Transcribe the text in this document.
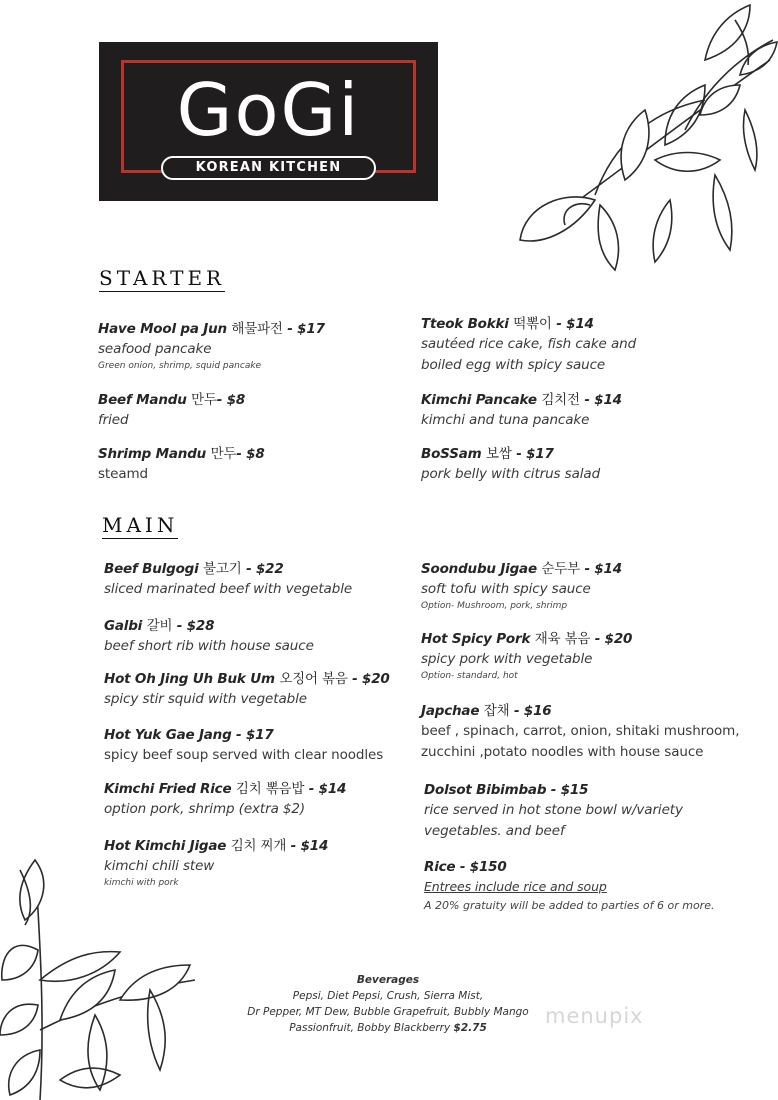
GoGi
KOREAN KITCHEN
STARTER
Have Mool pa Jun 해물파전 - $17
seafood pancake
Green onion, shrimp, squid pancake
Beef Mandu 만두- $8
fried
Shrimp Mandu 만두- $8
steamd
Tteok Bokki 떡뽂이 - $14
sautéed rice cake, fish cake and
boiled egg with spicy sauce
Kimchi Pancake 김치전 - $14
kimchi and tuna pancake
BoSSam 보쌈 - $17
pork belly with citrus salad
MAIN
Beef Bulgogi 불고기 - $22
sliced marinated beef with vegetable
Galbi 갈비 - $28
beef short rib with house sauce
Hot Oh Jing Uh Buk Um 오징어 볶음 - $20
spicy stir squid with vegetable
Hot Yuk Gae Jang - $17
spicy beef soup served with clear noodles
Kimchi Fried Rice 김치 뽂음밥 - $14
option pork, shrimp (extra $2)
Hot Kimchi Jigae 김치 찌개 - $14
kimchi chili stew
kimchi with pork
Soondubu Jigae 순두부 - $14
soft tofu with spicy sauce
Option- Mushroom, pork, shrimp
Hot Spicy Pork 재육 볶음 - $20
spicy pork with vegetable
Option- standard, hot
Japchae 잡채 - $16
beef , spinach, carrot, onion, shitaki mushroom,
zucchini ,potato noodles with house sauce
Dolsot Bibimbab - $15
rice served in hot stone bowl w/variety
vegetables. and beef
Rice - $150
Entrees include rice and soup
A 20% gratuity will be added to parties of 6 or more.
Beverages
Pepsi, Diet Pepsi, Crush, Sierra Mist,
Dr Pepper, MT Dew, Bubble Grapefruit, Bubbly Mango
Passionfruit, Bobby Blackberry $2.75	menupix
